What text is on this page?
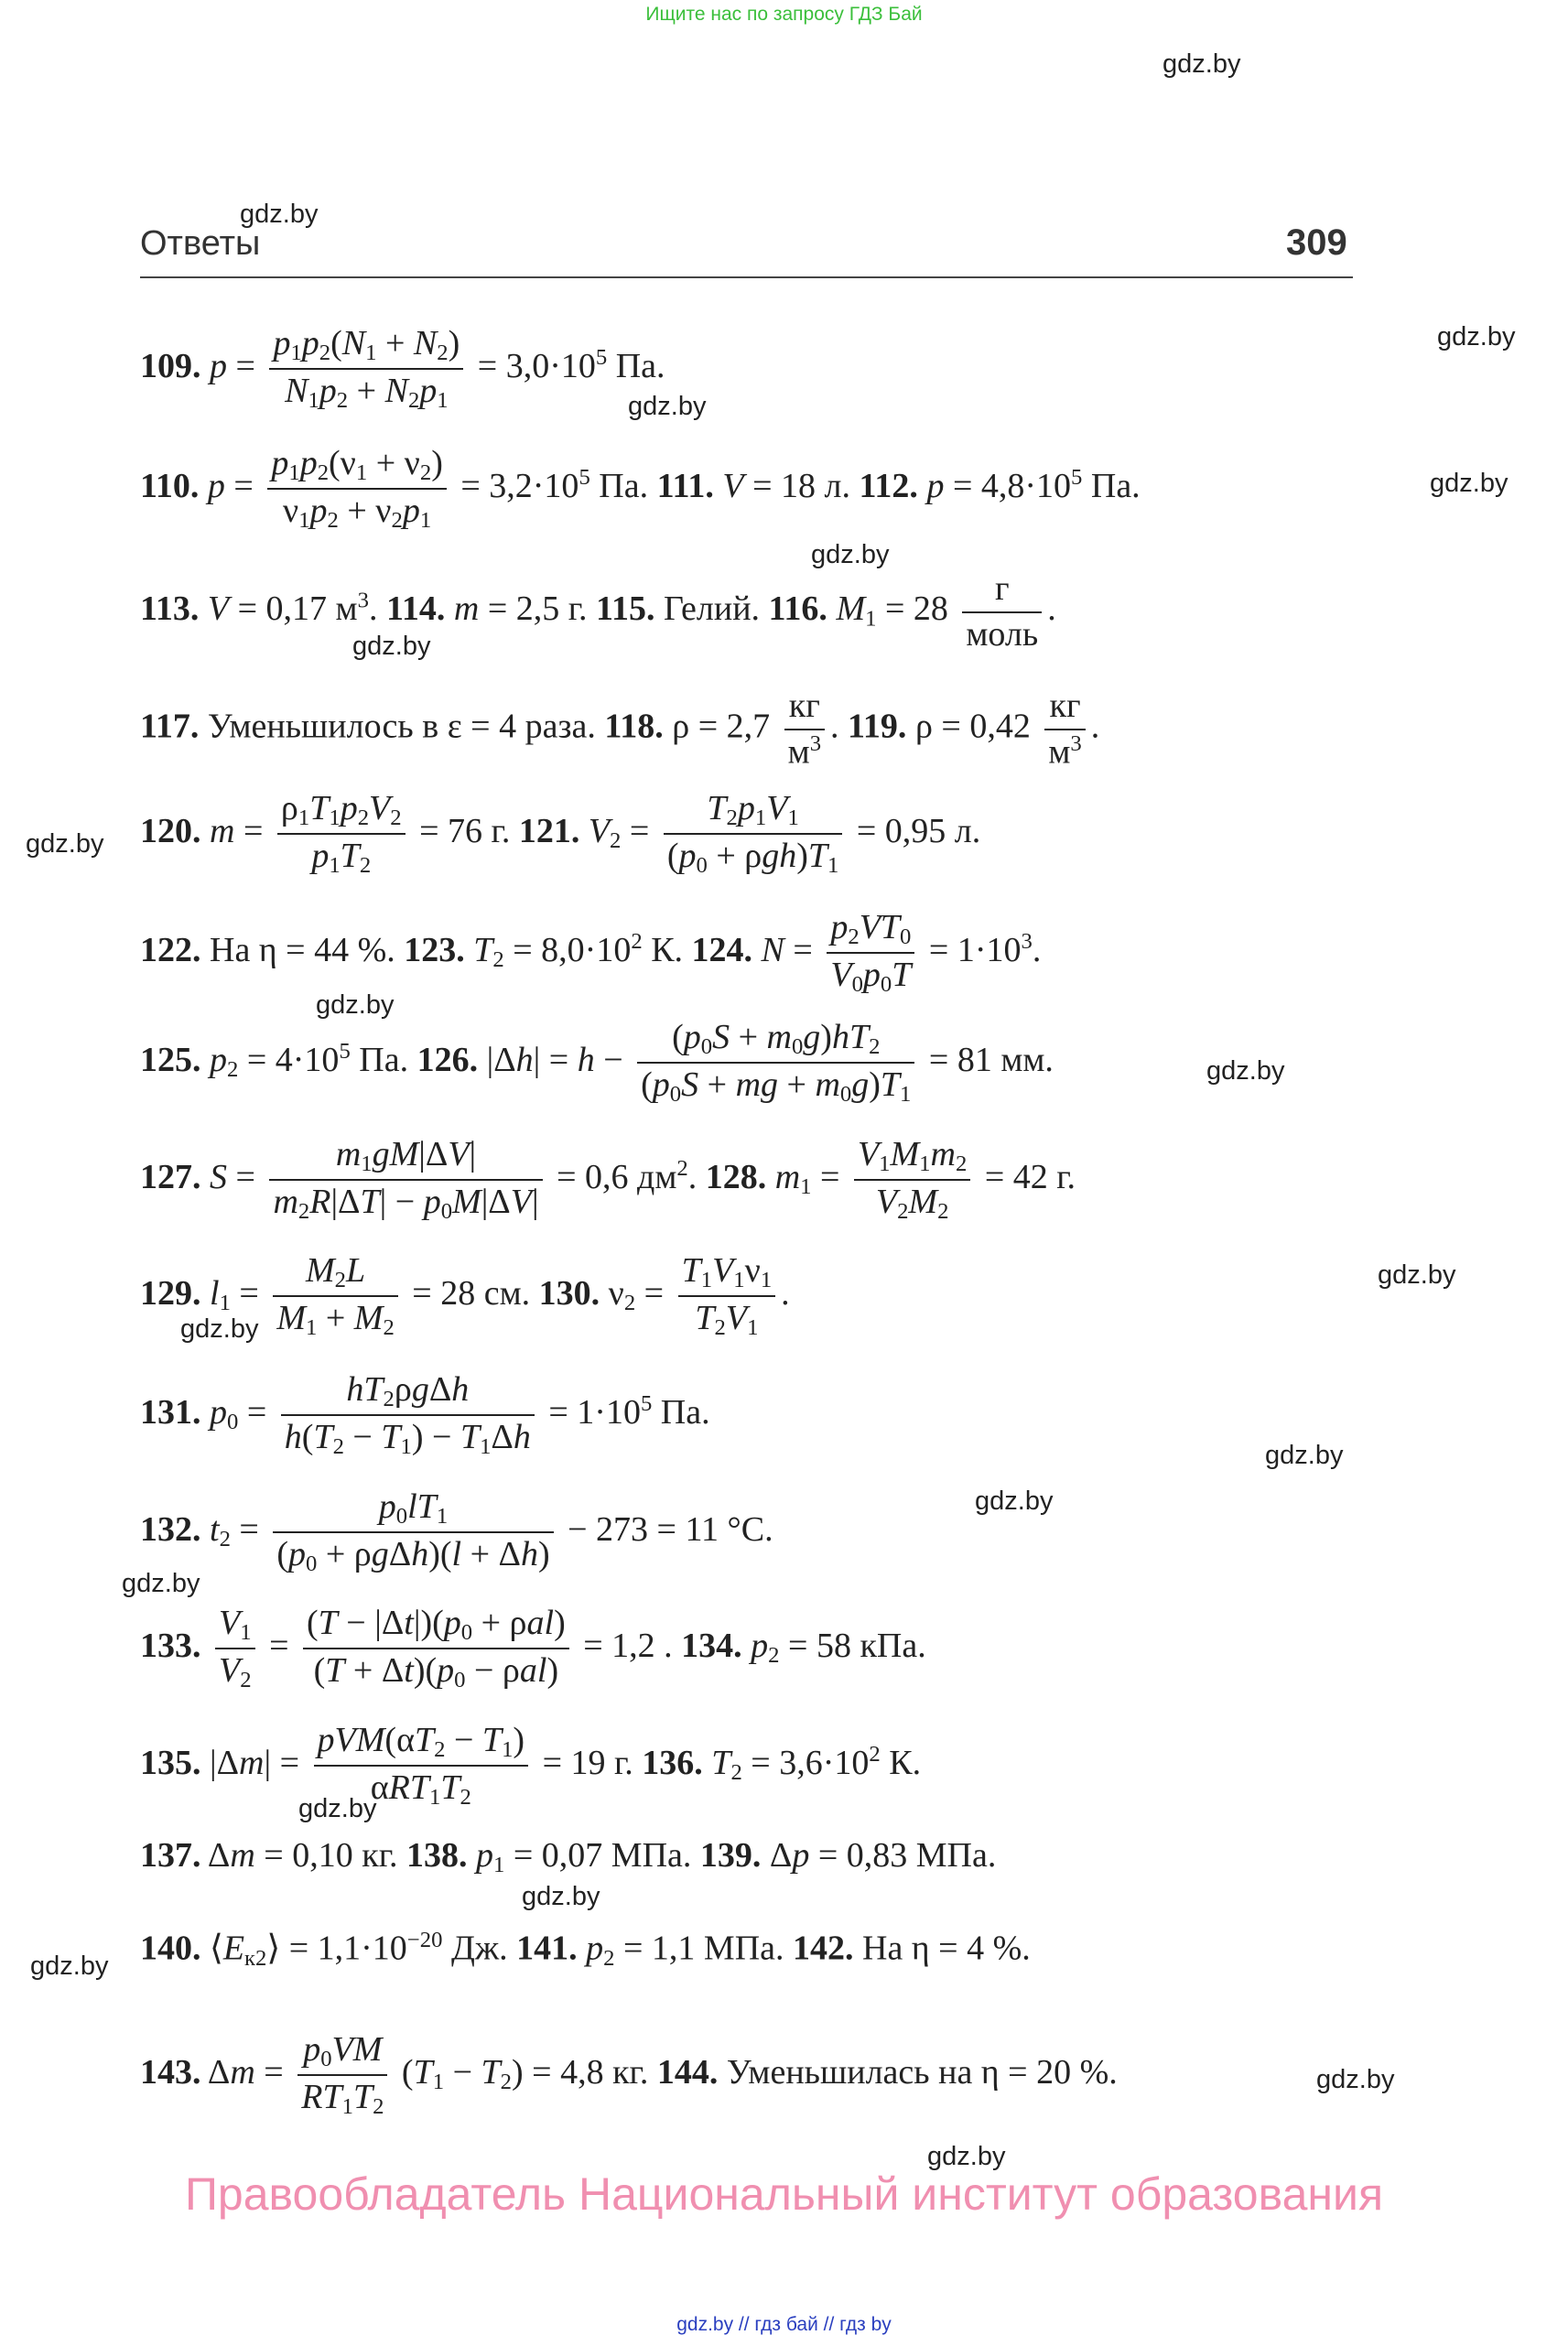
Ищите нас по запросу ГДЗ Бай
gdz.by
gdz.by
gdz.by
gdz.by
gdz.by
gdz.by
gdz.by
gdz.by
gdz.by
gdz.by
gdz.by
gdz.by
gdz.by
gdz.by
gdz.by
gdz.by
gdz.by
gdz.by
gdz.by
gdz.by
Ответы	309
109. $p = \frac{p_1p_2(N_1 + N_2)}{N_1p_2 + N_2p_1} = 3,0\cdot 10^5$ Па.
110. $p = \frac{p_1p_2(\nu_1 + \nu_2)}{\nu_1p_2 + \nu_2p_1} = 3,2\cdot 10^5$ Па. 111. V = 18 л. 112. $p = 4,8\cdot 10^5$ Па.
113. V = 0,17 $м^3$. 114. m = 2,5 г. 115. Гелий. 116. $M_1 = 28 \frac{г}{\text{моль}}$ .
117. Уменьшилось в ε = 4 раза. 118. $\rho = 2,7 \frac{кг}{м^3}$ . 119. $\rho = 0,42 \frac{кг}{м^3}$ .
120. $m = \frac{\rho_1T_1p_2V_2}{p_1T_2} = 76$ г. 121. $V_2 = \frac{T_2p_1V_1}{(p_0 + \rho gh)T_1} = 0,95$ л.
122. На η = 44 %. 123. $T_2 = 8,0\cdot 10^2$ К. 124. $N = \frac{p_2VT_0}{V_0p_0T} = 1\cdot 10^3$.
125. $p_2 = 4\cdot 10^5$ Па. 126. $|\Delta h| = h - \frac{(p_0S + m_0g)hT_2}{(p_0S + mg + m_0g)T_1} = 81$ мм.
127. $S = \frac{m_1gM|\Delta V|}{m_2R|\Delta T| - p_0M|\Delta V|} = 0,6$ $дм^2$. 128. $m_1 = \frac{V_1M_1m_2}{V_2M_2} = 42$ г.
129. $l_1 = \frac{M_2L}{M_1 + M_2} = 28$ см. 130. $\nu_2 = \frac{T_1V_1\nu_1}{T_2V_1}$ .
131. $p_0 = \frac{hT_2\rho g\Delta h}{h(T_2 - T_1) - T_1\Delta h} = 1\cdot 10^5$ Па.
132. $t_2 = \frac{p_0lT_1}{(p_0 + \rho g\Delta h)(l + \Delta h)} - 273 = 11$ °С.
133. $\frac{V_1}{V_2} = \frac{(T - |\Delta t|)(p_0 + \rho al)}{(T + \Delta t)(p_0 - \rho al)} = 1,2$ . 134. $p_2 = 58$ кПа.
135. $|\Delta m| = \frac{pVM(\alpha T_2 - T_1)}{\alpha RT_1T_2} = 19$ г. 136. $T_2 = 3,6\cdot 10^2$ К.
137. Δm = 0,10 кг. 138. $p_1 = 0,07$ МПа. 139. Δp = 0,83 МПа.
140. $⟨E_{к2}⟩ = 1,1\cdot 10^{-20}$ Дж. 141. $p_2 = 1,1$ МПа. 142. На η = 4 %.
143. $\Delta m = \frac{p_0VM}{RT_1T_2} (T_1 - T_2) = 4,8$ кг. 144. Уменьшилась на η = 20 %.
Правообладатель Национальный институт образования
gdz.by // гдз бай // гдз by
